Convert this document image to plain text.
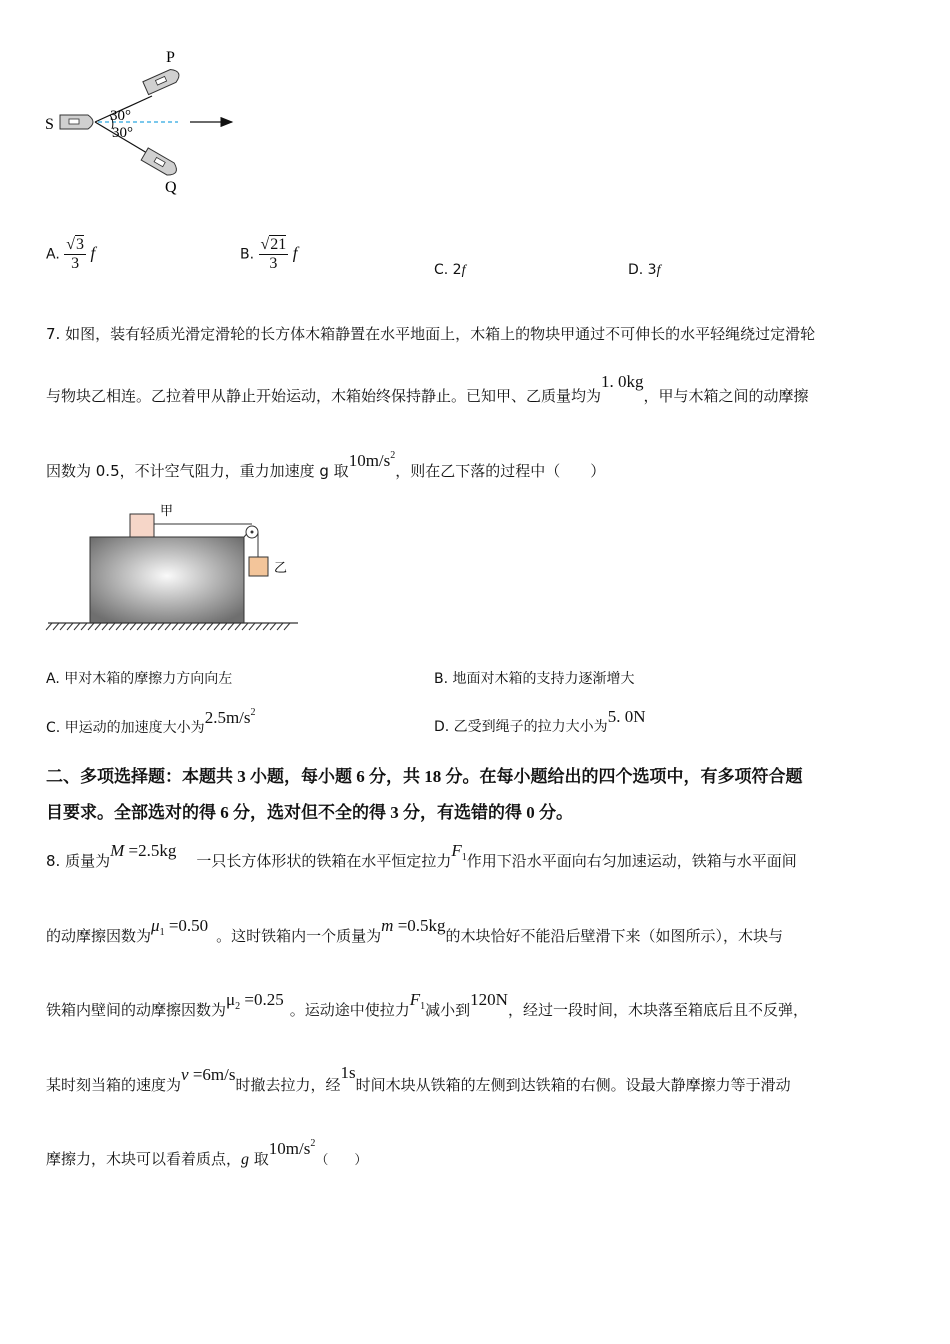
P
S
Q
30°
30°
A. $\frac{√3}{3}$ f	B. $\frac{√21}{3}$ f
C. 2f	D. 3f
7. 如图，装有轻质光滑定滑轮的长方体木箱静置在水平地面上，木箱上的物块甲通过不可伸长的水平轻绳绕过定滑轮
与物块乙相连。乙拉着甲从静止开始运动，木箱始终保持静止。已知甲、乙质量均为1. 0kg，甲与木箱之间的动摩擦
因数为 0.5，不计空气阻力，重力加速度 g 取$10m/s^2$，则在乙下落的过程中（　　）
甲
乙
A. 甲对木箱的摩擦力方向向左	B. 地面对木箱的支持力逐渐增大
C. 甲运动的加速度大小为$2.5m/s^2$
D. 乙受到绳子的拉力大小为5. 0N
二、多项选择题：本题共 3 小题，每小题 6 分，共 18 分。在每小题给出的四个选项中，有多项符合题
目要求。全部选对的得 6 分，选对但不全的得 3 分，有选错的得 0 分。
8. 质量为M =2.5kg一只长方体形状的铁箱在水平恒定拉力$F_1$作用下沿水平面向右匀加速运动，铁箱与水平面间
的动摩擦因数为$\mu_1 =0.50$。这时铁箱内一个质量为m =0.5kg的木块恰好不能沿后壁滑下来（如图所示），木块与
铁箱内壁间的动摩擦因数为$\mu_2 =0.25$。运动途中使拉力$F_1$减小到120N，经过一段时间，木块落至箱底后且不反弹，
某时刻当箱的速度为v =6m/s时撤去拉力，经1s时间木块从铁箱的左侧到达铁箱的右侧。设最大静摩擦力等于滑动
摩擦力，木块可以看着质点，g 取$10m/s^2$（　　）
